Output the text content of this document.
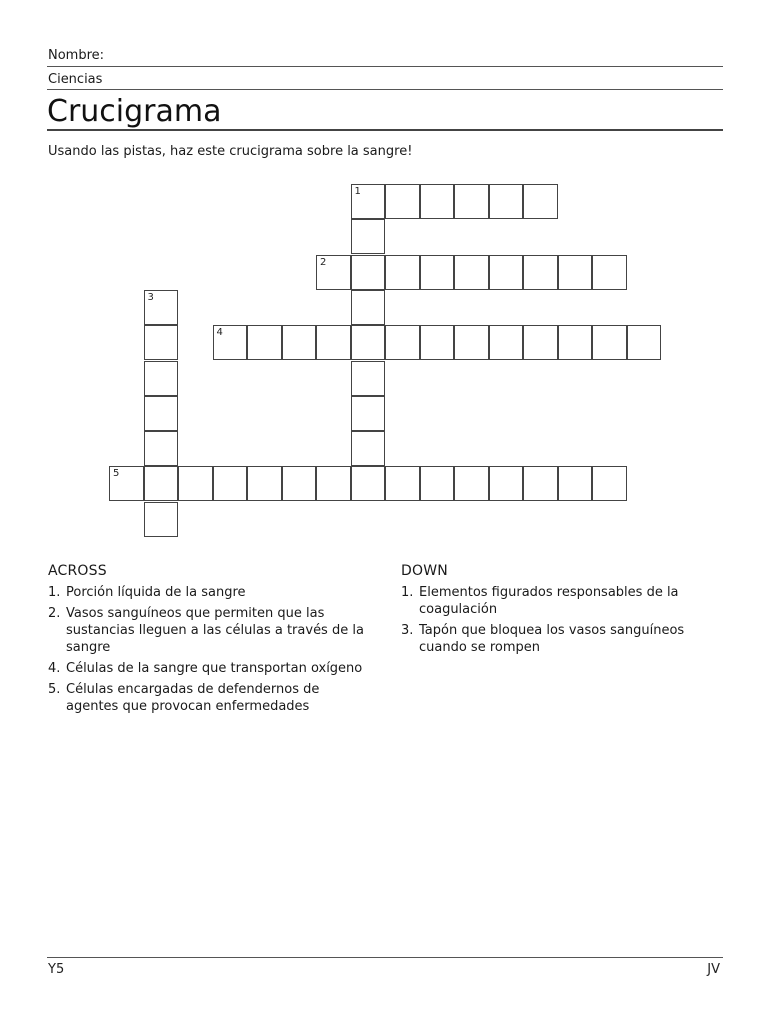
Nombre:
Ciencias
Crucigrama
Usando las pistas, haz este crucigrama sobre la sangre!
1
2
3
4
5
ACROSS
1. Porción líquida de la sangre
2. Vasos sanguíneos que permiten que las sustancias lleguen a las células a través de la sangre
4. Células de la sangre que transportan oxígeno
5. Células encargadas de defendernos de agentes que provocan enfermedades
DOWN
1. Elementos figurados responsables de la coagulación
3. Tapón que bloquea los vasos sanguíneos cuando se rompen
Y5	JV
